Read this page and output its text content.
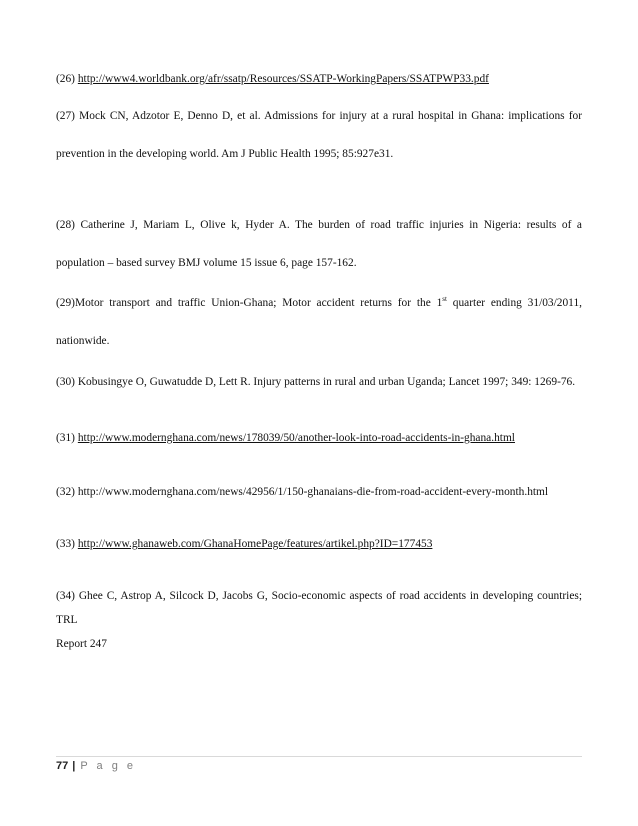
(26) http://www4.worldbank.org/afr/ssatp/Resources/SSATP-WorkingPapers/SSATPWP33.pdf
(27) Mock CN, Adzotor E, Denno D, et al. Admissions for injury at a rural hospital in Ghana: implications for
prevention in the developing world. Am J Public Health 1995; 85:927e31.
(28) Catherine J, Mariam L, Olive k, Hyder A. The burden of road traffic injuries in Nigeria: results of a
population – based survey BMJ volume 15 issue 6, page 157-162.
(29)Motor transport and traffic Union-Ghana; Motor accident returns for the 1st quarter ending 31/03/2011,
nationwide.
(30) Kobusingye O, Guwatudde D, Lett R. Injury patterns in rural and urban Uganda; Lancet 1997; 349: 1269-76.
(31) http://www.modernghana.com/news/178039/50/another-look-into-road-accidents-in-ghana.html
(32) http://www.modernghana.com/news/42956/1/150-ghanaians-die-from-road-accident-every-month.html
(33) http://www.ghanaweb.com/GhanaHomePage/features/artikel.php?ID=177453
(34) Ghee C, Astrop A, Silcock D, Jacobs G, Socio-economic aspects of road accidents in developing countries;
TRL
Report 247
77 | P a g e
